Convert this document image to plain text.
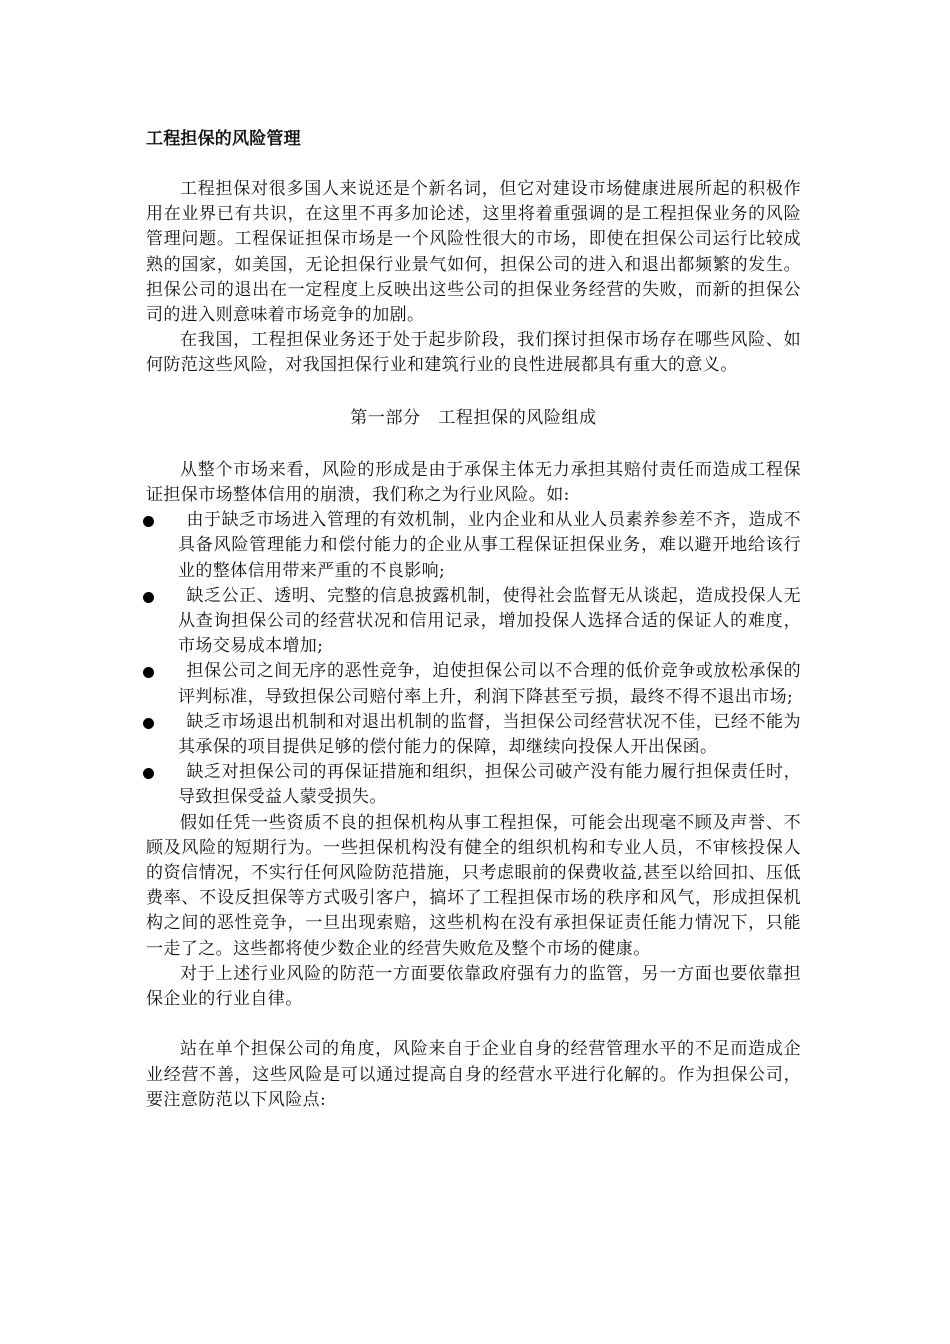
工程担保的风险管理

工程担保对很多国人来说还是个新名词，但它对建设市场健康进展所起的积极作用在业界已有共识，在这里不再多加论述，这里将着重强调的是工程担保业务的风险管理问题。工程保证担保市场是一个风险性很大的市场，即使在担保公司运行比较成熟的国家，如美国，无论担保行业景气如何，担保公司的进入和退出都频繁的发生。担保公司的退出在一定程度上反映出这些公司的担保业务经营的失败，而新的担保公司的进入则意味着市场竞争的加剧。

在我国，工程担保业务还于处于起步阶段，我们探讨担保市场存在哪些风险、如何防范这些风险，对我国担保行业和建筑行业的良性进展都具有重大的意义。

第一部分　工程担保的风险组成

从整个市场来看，风险的形成是由于承保主体无力承担其赔付责任而造成工程保证担保市场整体信用的崩溃，我们称之为行业风险。如:

由于缺乏市场进入管理的有效机制，业内企业和从业人员素养参差不齐，造成不具备风险管理能力和偿付能力的企业从事工程保证担保业务，难以避开地给该行业的整体信用带来严重的不良影响;
缺乏公正、透明、完整的信息披露机制，使得社会监督无从谈起，造成投保人无从查询担保公司的经营状况和信用记录，增加投保人选择合适的保证人的难度，市场交易成本增加;
担保公司之间无序的恶性竞争，迫使担保公司以不合理的低价竞争或放松承保的评判标准，导致担保公司赔付率上升，利润下降甚至亏损，最终不得不退出市场;
缺乏市场退出机制和对退出机制的监督，当担保公司经营状况不佳，已经不能为其承保的项目提供足够的偿付能力的保障，却继续向投保人开出保函。
缺乏对担保公司的再保证措施和组织，担保公司破产没有能力履行担保责任时，导致担保受益人蒙受损失。

假如任凭一些资质不良的担保机构从事工程担保，可能会出现毫不顾及声誉、不顾及风险的短期行为。一些担保机构没有健全的组织机构和专业人员，不审核投保人的资信情况，不实行任何风险防范措施，只考虑眼前的保费收益,甚至以给回扣、压低费率、不设反担保等方式吸引客户，搞坏了工程担保市场的秩序和风气，形成担保机构之间的恶性竞争，一旦出现索赔，这些机构在没有承担保证责任能力情况下，只能一走了之。这些都将使少数企业的经营失败危及整个市场的健康。

对于上述行业风险的防范一方面要依靠政府强有力的监管，另一方面也要依靠担保企业的行业自律。

站在单个担保公司的角度，风险来自于企业自身的经营管理水平的不足而造成企业经营不善，这些风险是可以通过提高自身的经营水平进行化解的。作为担保公司，要注意防范以下风险点:
